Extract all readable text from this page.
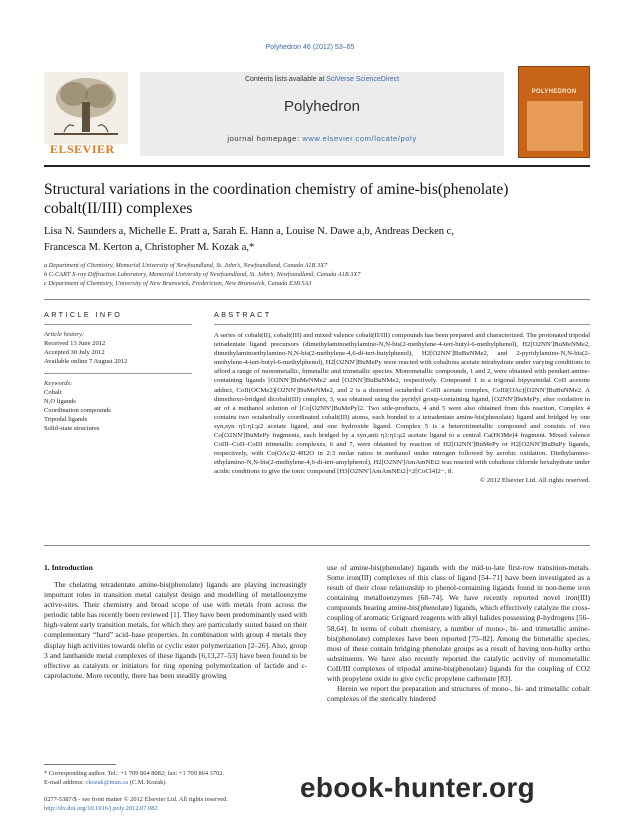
Polyhedron 46 (2012) 53–65
ELSEVIER
Contents lists available at SciVerse ScienceDirect
Polyhedron
journal homepage: www.elsevier.com/locate/poly
POLYHEDRON
Structural variations in the coordination chemistry of amine-bis(phenolate)
cobalt(II/III) complexes
Lisa N. Saunders a, Michelle E. Pratt a, Sarah E. Hann a, Louise N. Dawe a,b, Andreas Decken c,
Francesca M. Kerton a, Christopher M. Kozak a,*
a Department of Chemistry, Memorial University of Newfoundland, St. John’s, Newfoundland, Canada A1B 3X7
b C-CART X-ray Diffraction Laboratory, Memorial University of Newfoundland, St. John’s, Newfoundland, Canada A1B 3X7
c Department of Chemistry, University of New Brunswick, Fredericton, New Brunswick, Canada E3B 5A3
ARTICLE INFO
Article history:
Received 13 June 2012
Accepted 30 July 2012
Available online 7 August 2012
Keywords:
Cobalt
N,O ligands
Coordination compounds
Tripodal ligands
Solid-state structures
ABSTRACT
A series of cobalt(II), cobalt(III) and mixed valence cobalt(II/III) compounds has been prepared and characterized. The protonated tripodal tetradentate ligand precursors (dimethylaminoethylamino-N,N-bis(2-methylene-4-tert-butyl-6-methylphenol), H2[O2NN']BuMeNMe2, dimethylaminoethylamino-N,N-bis(2-methylene-4,6-di-tert-butylphenol), H2[O2NN']BuBuNMe2, and 2-pyridylamino-N,N-bis(2-methylene-4-tert-butyl-6-methylphenol), H2[O2NN']BuMePy were reacted with cobaltous acetate tetrahydrate under varying conditions to afford a range of monometallic, bimetallic and trimetallic species. Monometallic compounds, 1 and 2, were obtained with pendant amine-containing ligands [O2NN']BuMeNMe2 and [O2NN']BuBuNMe2, respectively. Compound 1 is a trigonal bipyramidal CoII acetone adduct, CoII(OCMe2)[O2NN']BuMeNMe2, and 2 is a distorted octahedral CoIII acetate complex, CoIII(OAc)[O2NN']BuBuNMe2. A dimethoxo-bridged dicobalt(III) complex, 3, was obtained using the pyridyl group-containing ligand, [O2NN']BuMePy, after oxidation in air of a methanol solution of [Co[O2NN']BuMePy]2. Two side-products, 4 and 5 were also obtained from this reaction. Complex 4 contains two octahedrally coordinated cobalt(III) atoms, each bonded to a tetradentate amine-bis(phenolate) ligand and bridged by one syn,syn η1:η1:μ2 acetate ligand, and one hydroxide ligand. Complex 5 is a heterotrimetallic compound and consists of two Co[O2NN']BuMePy fragments, each bridged by a syn,anti η1:η1:μ2 acetate ligand to a central Ca(HOMe)4 fragment. Mixed valence CoIII–CoII–CoIII trimetallic complexes, 6 and 7, were obtained by reaction of H2[O2NN']BuMePy or H2[O2NN']BuBuPy ligands, respectively, with Co(OAc)2·4H2O in 2:3 molar ratios in methanol under nitrogen followed by aerobic oxidation. Diethylamino-ethylamino-N,N-bis(2-methylene-4,6-di-tert-amylphenol), H2[O2NN']AmAmNEt2 was reacted with cobaltous chloride hexahydrate under acidic conditions to give the ionic compound [H3[O2NN']AmAmNEt2]+2[CoCl4]2−, 8.
© 2012 Elsevier Ltd. All rights reserved.
1. Introduction
The chelating tetradentate amine-bis(phenolate) ligands are playing increasingly important roles in transition metal catalyst design and modelling of metalloenzyme active-sites. Their chemistry and broad scope of use with metals from across the periodic table has recently been reviewed [1]. They have been predominantly used with high-valent early transition metals, for which they are particularly suited based on their complementary “hard” acid–base properties. In combination with group 4 metals they display high activities towards olefin or cyclic ester polymerization [2–26]. Also, group 3 and lanthanide metal complexes of these ligands [6,13,27–53] have been found to be effective as catalysts or initiators for ring opening polymerization of lactide and ε-caprolactone. More recently, there has been steadily growing
use of amine-bis(phenolate) ligands with the mid-to-late first-row transition-metals. Some iron(III) complexes of this class of ligand [54–71] have been investigated as a result of their close relationship to phenol-containing ligands found in non-heme iron containing metalloenzymes [68–74]. We have recently reported novel iron(III) compounds bearing amine-bis(phenolate) ligands, which effectively catalyze the cross-coupling of aromatic Grignard reagents with alkyl halides possessing β-hydrogens [56–58,64]. In terms of cobalt chemistry, a number of mono-, bi- and trimetallic amine-bis(phenolate) complexes have been reported [75–82]. Among the bimetallic species, most of these contain bridging phenolate groups as a result of having non-bulky ortho substituents. We have also recently reported the catalytic activity of monometallic CoII/III complexes of tripodal amine-bis(phenolate) ligands for the coupling of CO2 with propylene oxide to give cyclic propylene carbonate [83].
Herein we report the preparation and structures of mono-, bi- and trimetallic cobalt complexes of the sterically hindered
* Corresponding author. Tel.: +1 709 864 8082; fax: +1 709 864 3702.
E-mail address: ckozak@mun.ca (C.M. Kozak).
0277-5387/$ - see front matter © 2012 Elsevier Ltd. All rights reserved.
http://dx.doi.org/10.1016/j.poly.2012.07.082
ebook-hunter.org
